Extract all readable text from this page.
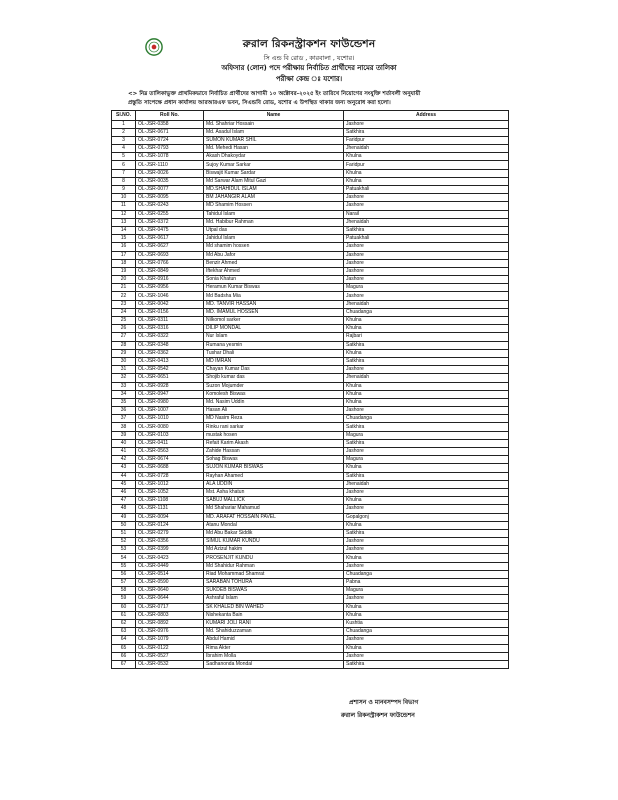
রুরাল রিকনস্ট্রাকশন ফাউন্ডেশন
সি এন্ড বি রোড , কারবালা , যশোর।
অফিসার (লোন) পদে পরীক্ষায় নির্বাচিত প্রার্থীদের নামের তালিকা
পরীক্ষা কেন্দ্র ঃ যশোর।
<> নিম্ন তালিকাভুক্ত প্রাথমিকভাবে নির্বাচিত প্রার্থীদের আগামী ১০ অক্টোবর-২০২৫ ইং তারিখে নিয়োগের সংযুক্তি শর্তাবলী অনুযায়ী
প্রস্তুতি সাপেক্ষে প্রধান কার্যালয় আরআরএফ ভবন, সিএন্ডবি রোড, যশোর এ উপস্থিত থাকার জন্য অনুরোধ করা হলো।
Sl.NO.	Roll No.	Name	Address
1	OL-JSR-0358	Md. Shahriar Hossain	Jashore
2	OL-JSR-0671	Md. Asadul Islam	Satkhira
3	OL-JSR-0724	SUMON KUMAR SHIL	Faridpur
4	OL-JSR-0793	Md. Mehedi Hasan	Jhenaidah
5	OL-JSR-1078	Akash Dhakoydar	Khulna
6	OL-JSR-1110	Sujoy Kumar Sarkar	Faridpur
7	OL-JSR-0026	Biswajit Kumar Sardar	Khulna
8	OL-JSR-0035	Md Sarwar Alam Mitul Gazi	Khulna
9	OL-JSR-0077	MD.SHAHIDUL ISLAM	Patuakhali
10	OL-JSR-0095	BM JAHANGIR ALAM	Jashore
11	OL-JSR-0243	MD Shamim Hossen	Jashore
12	OL-JSR-0255	Tahidul Islam	Narail
13	OL-JSR-0372	Md. Habibur Rahman	Jhenaidah
14	OL-JSR-0475	Utpal das	Satkhira
15	OL-JSR-0617	Jahidul Islam	Patuakhali
16	OL-JSR-0627	Md shamim hossen	Jashore
17	OL-JSR-0693	Md Abu Jafor	Jashore
18	OL-JSR-0766	Benzir Ahmed	Jashore
19	OL-JSR-0849	Iftekhar Ahmed	Jashore
20	OL-JSR-0916	Sonia Khatun	Jashore
21	OL-JSR-0956	Heramun Kumar Biswas	Magura
22	OL-JSR-1046	Md Badsha Mia	Jashore
23	OL-JSR-0042	MD. TANVIR HASSAN	Jhenaidah
24	OL-JSR-0156	MD. IMAMUL HOSSEN	Chuadanga
25	OL-JSR-0311	Nilkomol sarker	Khulna
26	OL-JSR-0316	DILIP MONDAL	Khulna
27	OL-JSR-0322	Nur Islam	Rajbari
28	OL-JSR-0348	Rumana yesmin	Satkhira
29	OL-JSR-0362	Tushar Dhali	Khulna
30	OL-JSR-0413	MD IMRAN	Satkhira
31	OL-JSR-0542	Chayan Kumar Das	Jashore
32	OL-JSR-0651	Shojib kumar das	Jhenaidah
33	OL-JSR-0928	Suzon Mojumder	Khulna
34	OL-JSR-0947	Komolesh Biswas	Khulna
35	OL-JSR-0980	Md. Nasim Uddin	Khulna
36	OL-JSR-1007	Hasan Ali	Jashore
37	OL-JSR-1010	MD Nasim Reza	Chuadanga
38	OL-JSR-0080	Rinku rani sarkar	Satkhira
39	OL-JSR-0103	mustak hosen	Magura
40	OL-JSR-0411	Refait Karim Akash	Satkhira
41	OL-JSR-0563	Zahide Hassan	Jashore
42	OL-JSR-0674	Sohag Biswas	Magura
43	OL-JSR-0688	SUJON KUMAR BISWAS	Khulna
44	OL-JSR-0728	Rayhan Ahamed	Satkhira
45	OL-JSR-1012	ALA UDDIN	Jhenaidah
46	OL-JSR-1052	Mst. Asha khatun	Jashore
47	OL-JSR-1108	SABUJ MALLICK	Khulna
48	OL-JSR-1131	Md Shahariar Mahamud	Jashore
49	OL-JSR-0094	MD. ARAFAT HOSSAIN PAVEL	Gopalgonj
50	OL-JSR-0124	Atanu Mondal	Khulna
51	OL-JSR-0279	Md Abu Bakar Siddik	Satkhira
52	OL-JSR-0356	SIMUL KUMAR KUNDU	Jashore
53	OL-JSR-0399	Md Azizul hakim	Jashore
54	OL-JSR-0423	PROSENJIT KUNDU	Khulna
55	OL-JSR-0449	Md Shahidur Rahman	Jashore
56	OL-JSR-0514	Riad Mohammad Shamrat	Chuadanga
57	OL-JSR-0590	SARABAN TOHURA	Pabna
58	OL-JSR-0640	SUKDEB BISWAS	Magura
59	OL-JSR-0644	Ashraful Islam	Jashore
60	OL-JSR-0717	SK KHALED BIN WAHED	Khulna
61	OL-JSR-0803	Nishekanta Bain	Khulna
62	OL-JSR-0892	KUMARI JOLI RANI	Kushtia
63	OL-JSR-0976	Md. Shahiduzzaman	Chuadanga
64	OL-JSR-1079	Abdul Hamid	Jashore
65	OL-JSR-0122	Rima Akter	Khulna
66	OL-JSR-0527	Ibrahim Molla	Jashore
67	OL-JSR-0532	Sadhanonda Mondal	Satkhira
প্রশাসন ও মানবসম্পদ বিভাগ
রুরাল রিকনস্ট্রাকশন ফাউন্ডেশন
